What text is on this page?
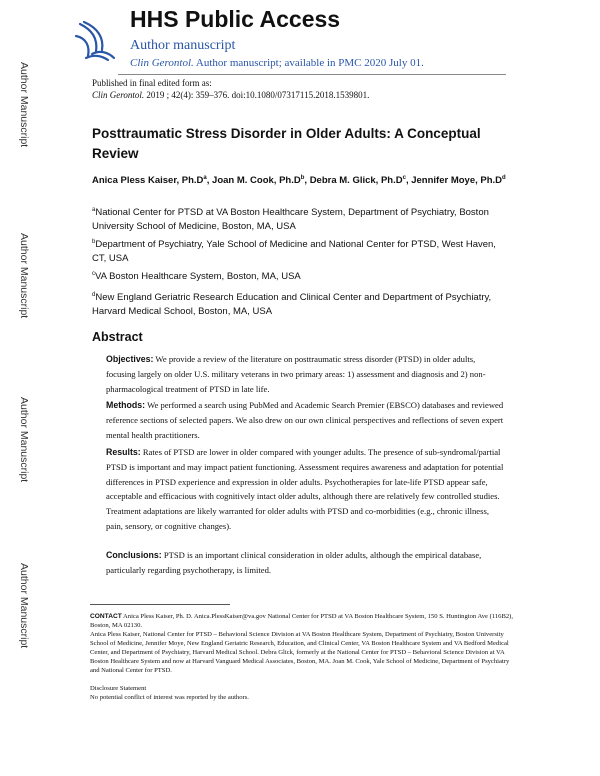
Author Manuscript
Author Manuscript
Author Manuscript
Author Manuscript
HHS Public Access
Author manuscript
Clin Gerontol. Author manuscript; available in PMC 2020 July 01.
Published in final edited form as:
Clin Gerontol. 2019 ; 42(4): 359–376. doi:10.1080/07317115.2018.1539801.
Posttraumatic Stress Disorder in Older Adults: A Conceptual Review
Anica Pless Kaiser, $Ph.D^a$, Joan M. Cook, $Ph.D^b$, Debra M. Glick, $Ph.D^c$, Jennifer Moye, $Ph.D^d$
$^a$National Center for PTSD at VA Boston Healthcare System, Department of Psychiatry, Boston University School of Medicine, Boston, MA, USA
$^b$Department of Psychiatry, Yale School of Medicine and National Center for PTSD, West Haven, CT, USA
$^c$VA Boston Healthcare System, Boston, MA, USA
$^d$New England Geriatric Research Education and Clinical Center and Department of Psychiatry, Harvard Medical School, Boston, MA, USA
Abstract
Objectives: We provide a review of the literature on posttraumatic stress disorder (PTSD) in older adults, focusing largely on older U.S. military veterans in two primary areas: 1) assessment and diagnosis and 2) non-pharmacological treatment of PTSD in late life.
Methods: We performed a search using PubMed and Academic Search Premier (EBSCO) databases and reviewed reference sections of selected papers. We also drew on our own clinical perspectives and reflections of seven expert mental health practitioners.
Results: Rates of PTSD are lower in older compared with younger adults. The presence of sub-syndromal/partial PTSD is important and may impact patient functioning. Assessment requires awareness and adaptation for potential differences in PTSD experience and expression in older adults. Psychotherapies for late-life PTSD appear safe, acceptable and efficacious with cognitively intact older adults, although there are relatively few controlled studies. Treatment adaptations are likely warranted for older adults with PTSD and co-morbidities (e.g., chronic illness, pain, sensory, or cognitive changes).
Conclusions: PTSD is an important clinical consideration in older adults, although the empirical database, particularly regarding psychotherapy, is limited.
CONTACT Anica Pless Kaiser, Ph. D. Anica.PlessKaiser@va.gov National Center for PTSD at VA Boston Healthcare System, 150 S. Huntington Ave (116B2), Boston, MA 02130.
Anica Pless Kaiser, National Center for PTSD – Behavioral Science Division at VA Boston Healthcare System, Department of Psychiatry, Boston University School of Medicine, Jennifer Moye, New England Geriatric Research, Education, and Clinical Center, VA Boston Healthcare System and VA Bedford Medical Center, and Department of Psychiatry, Harvard Medical School. Debra Glick, formerly at the National Center for PTSD – Behavioral Science Division at VA Boston Healthcare System and now at Harvard Vanguard Medical Associates, Boston, MA. Joan M. Cook, Yale School of Medicine, Department of Psychiatry and National Center for PTSD.
Disclosure Statement
No potential conflict of interest was reported by the authors.
